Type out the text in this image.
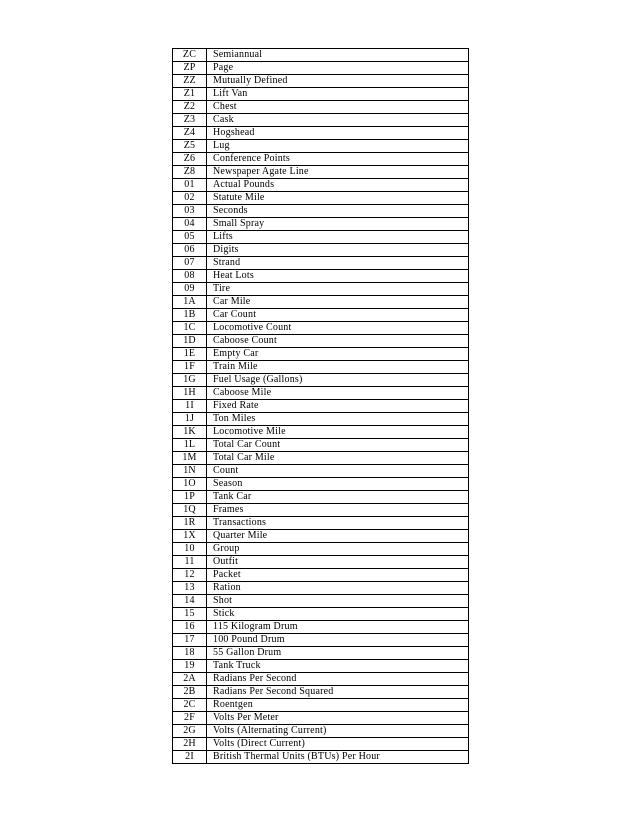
ZC	Semiannual
ZP	Page
ZZ	Mutually Defined
Z1	Lift Van
Z2	Chest
Z3	Cask
Z4	Hogshead
Z5	Lug
Z6	Conference Points
Z8	Newspaper Agate Line
01	Actual Pounds
02	Statute Mile
03	Seconds
04	Small Spray
05	Lifts
06	Digits
07	Strand
08	Heat Lots
09	Tire
1A	Car Mile
1B	Car Count
1C	Locomotive Count
1D	Caboose Count
1E	Empty Car
1F	Train Mile
1G	Fuel Usage (Gallons)
1H	Caboose Mile
1I	Fixed Rate
1J	Ton Miles
1K	Locomotive Mile
1L	Total Car Count
1M	Total Car Mile
1N	Count
1O	Season
1P	Tank Car
1Q	Frames
1R	Transactions
1X	Quarter Mile
10	Group
11	Outfit
12	Packet
13	Ration
14	Shot
15	Stick
16	115 Kilogram Drum
17	100 Pound Drum
18	55 Gallon Drum
19	Tank Truck
2A	Radians Per Second
2B	Radians Per Second Squared
2C	Roentgen
2F	Volts Per Meter
2G	Volts (Alternating Current)
2H	Volts (Direct Current)
2I	British Thermal Units (BTUs) Per Hour
